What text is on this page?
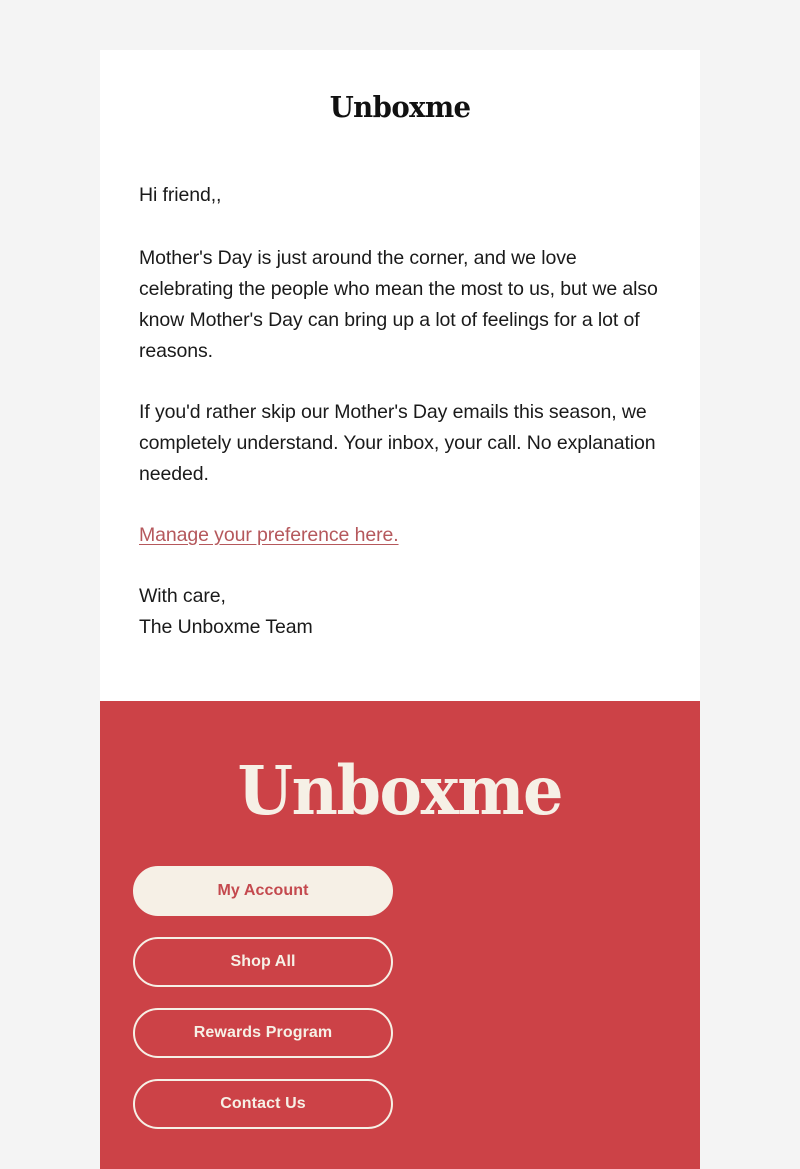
Unboxme

Hi friend,,

Mother's Day is just around the corner, and we love celebrating the people who mean the most to us, but we also know Mother's Day can bring up a lot of feelings for a lot of reasons.

If you'd rather skip our Mother's Day emails this season, we completely understand. Your inbox, your call. No explanation needed.

Manage your preference here.

With care,
The Unboxme Team

Unboxme
My Account
Shop All
Rewards Program
Contact Us
